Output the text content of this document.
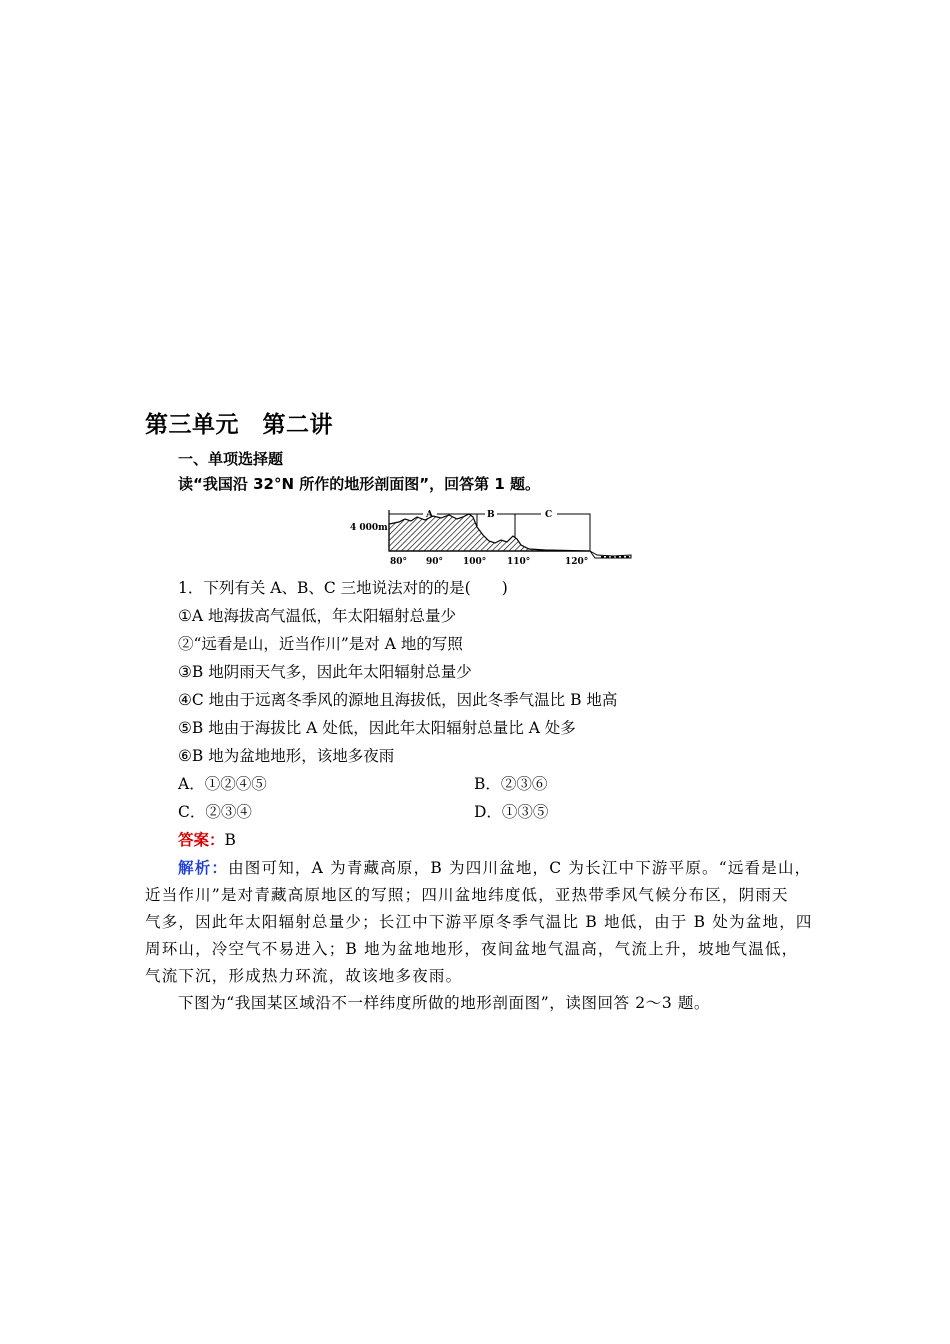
第三单元　第二讲
一、单项选择题
读“我国沿 32°N 所作的地形剖面图”，回答第 1 题。
4 000m
A	B	C
80° 90° 100° 110°	120°
1．下列有关 A、B、C 三地说法对的的是(　　)
①A 地海拔高气温低，年太阳辐射总量少
②“远看是山，近当作川”是对 A 地的写照
③B 地阴雨天气多，因此年太阳辐射总量少
④C 地由于远离冬季风的源地且海拔低，因此冬季气温比 B 地高
⑤B 地由于海拔比 A 处低，因此年太阳辐射总量比 A 处多
⑥B 地为盆地地形，该地多夜雨
A．①②④⑤	B．②③⑥
C．②③④	D．①③⑤
答案：B
解析：由图可知，A 为青藏高原，B 为四川盆地，C 为长江中下游平原。“远看是山，
近当作川”是对青藏高原地区的写照；四川盆地纬度低，亚热带季风气候分布区，阴雨天
气多，因此年太阳辐射总量少；长江中下游平原冬季气温比 B 地低，由于 B 处为盆地，四
周环山，冷空气不易进入；B 地为盆地地形，夜间盆地气温高，气流上升，坡地气温低，
气流下沉，形成热力环流，故该地多夜雨。
下图为“我国某区域沿不一样纬度所做的地形剖面图”，读图回答 2～3 题。
